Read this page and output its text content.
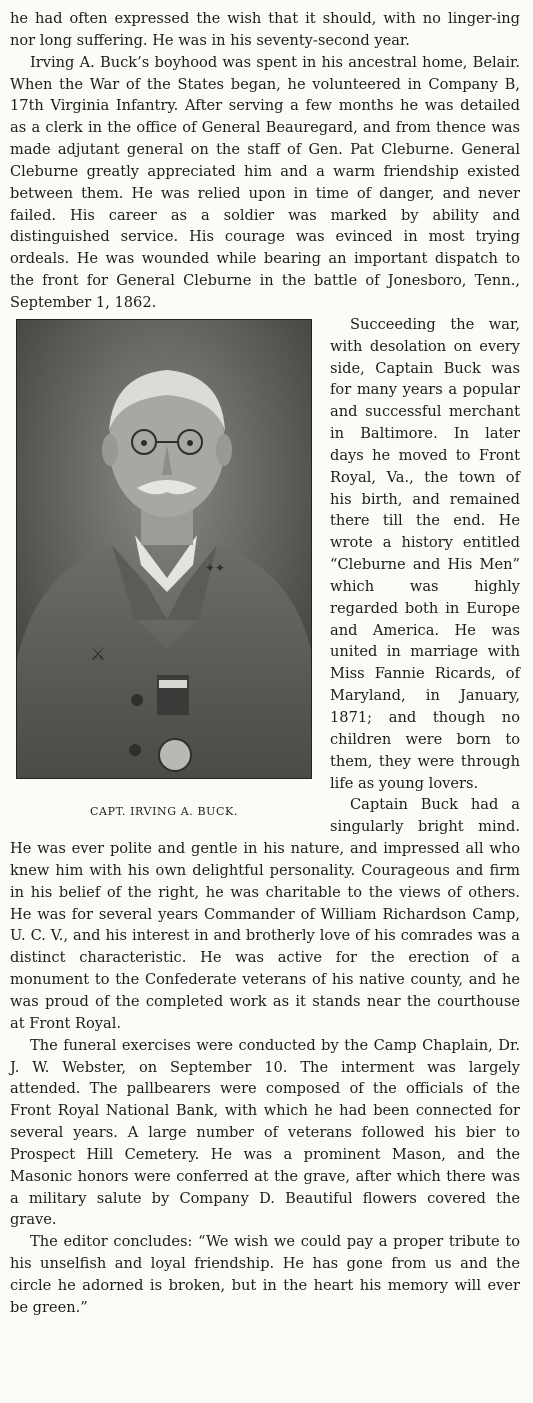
he had often expressed the wish that it should, with no linger-ing nor long suffering. He was in his seventy-second year.

Irving A. Buck’s boyhood was spent in his ancestral home, Belair. When the War of the States began, he volunteered in Company B, 17th Virginia Infantry. After serving a few months he was detailed as a clerk in the office of General Beauregard, and from thence was made adjutant general on the staff of Gen. Pat Cleburne. General Cleburne greatly appreciated him and a warm friendship existed between them. He was relied upon in time of danger, and never failed. His career as a soldier was marked by ability and distinguished service. His courage was evinced in most trying ordeals. He was wounded while bearing an important dispatch to the front for General Cleburne in the battle of Jonesboro, Tenn., September 1, 1862.

✦✦
⚔
CAPT. IRVING A. BUCK.

Succeeding the war, with desolation on every side, Captain Buck was for many years a popular and successful merchant in Baltimore. In later days he moved to Front Royal, Va., the town of his birth, and remained there till the end. He wrote a history entitled “Cleburne and His Men” which was highly regarded both in Europe and America. He was united in marriage with Miss Fannie Ricards, of Maryland, in January, 1871; and though no children were born to them, they were through life as young lovers.

Captain Buck had a singularly bright mind. He was ever polite and gentle in his nature, and impressed all who knew him with his own delightful personality. Courageous and firm in his belief of the right, he was charitable to the views of others. He was for several years Commander of William Richardson Camp, U. C. V., and his interest in and brotherly love of his comrades was a distinct characteristic. He was active for the erection of a monument to the Confederate veterans of his native county, and he was proud of the completed work as it stands near the courthouse at Front Royal.

The funeral exercises were conducted by the Camp Chaplain, Dr. J. W. Webster, on September 10. The interment was largely attended. The pallbearers were composed of the officials of the Front Royal National Bank, with which he had been connected for several years. A large number of veterans followed his bier to Prospect Hill Cemetery. He was a prominent Mason, and the Masonic honors were conferred at the grave, after which there was a military salute by Company D. Beautiful flowers covered the grave.

The editor concludes: “We wish we could pay a proper tribute to his unselfish and loyal friendship. He has gone from us and the circle he adorned is broken, but in the heart his memory will ever be green.”
